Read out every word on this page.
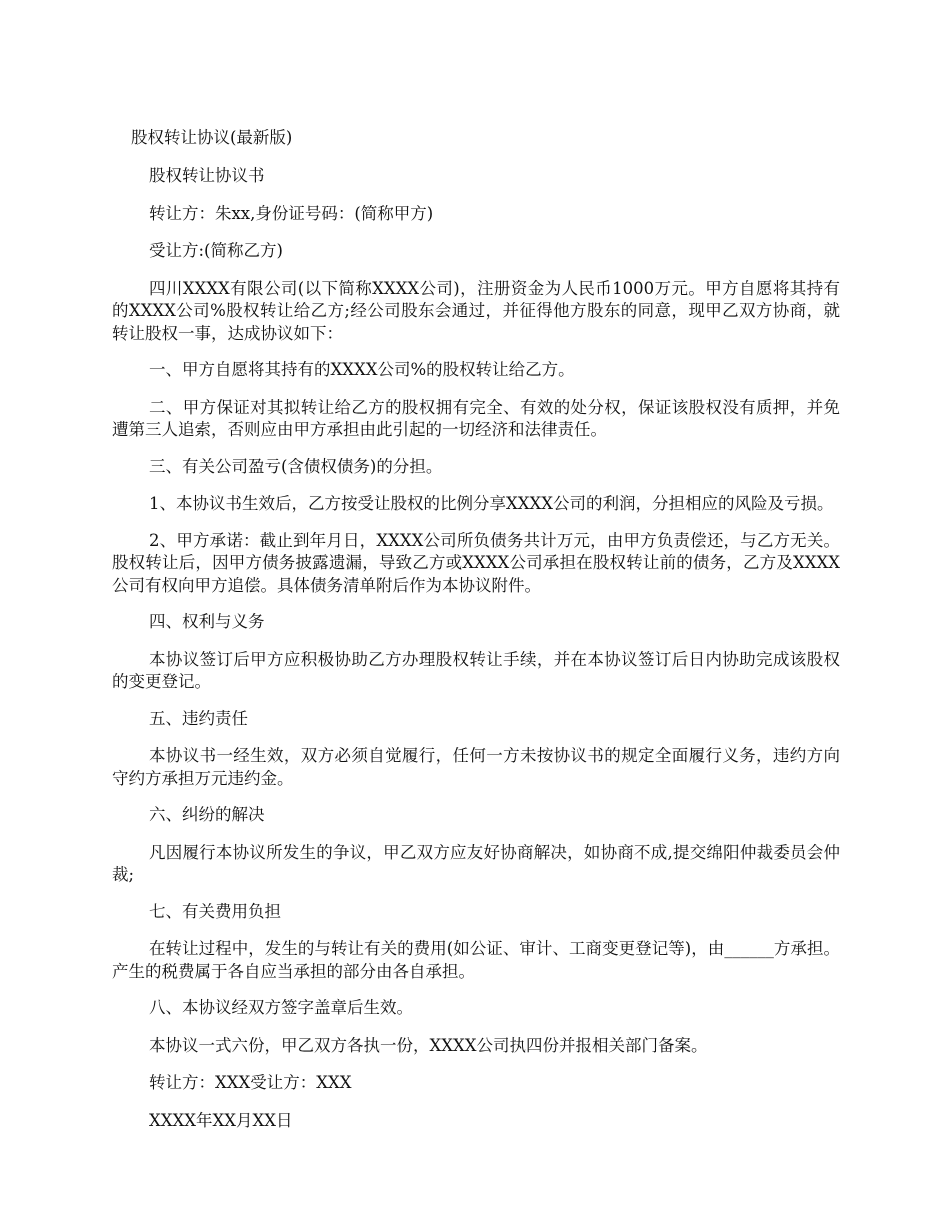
股权转让协议(最新版)

股权转让协议书

转让方：朱xx,身份证号码：(简称甲方)

受让方:(简称乙方)

四川XXXX有限公司(以下简称XXXX公司)，注册资金为人民币1000万元。甲方自愿将其持有的XXXX公司%股权转让给乙方;经公司股东会通过，并征得他方股东的同意，现甲乙双方协商，就转让股权一事，达成协议如下：

一、甲方自愿将其持有的XXXX公司%的股权转让给乙方。

二、甲方保证对其拟转让给乙方的股权拥有完全、有效的处分权，保证该股权没有质押，并免遭第三人追索，否则应由甲方承担由此引起的一切经济和法律责任。

三、有关公司盈亏(含债权债务)的分担。

1、本协议书生效后，乙方按受让股权的比例分享XXXX公司的利润，分担相应的风险及亏损。

2、甲方承诺：截止到年月日，XXXX公司所负债务共计万元，由甲方负责偿还，与乙方无关。股权转让后，因甲方债务披露遗漏，导致乙方或XXXX公司承担在股权转让前的债务，乙方及XXXX公司有权向甲方追偿。具体债务清单附后作为本协议附件。

四、权利与义务

本协议签订后甲方应积极协助乙方办理股权转让手续，并在本协议签订后日内协助完成该股权的变更登记。

五、违约责任

本协议书一经生效，双方必须自觉履行，任何一方未按协议书的规定全面履行义务，违约方向守约方承担万元违约金。

六、纠纷的解决

凡因履行本协议所发生的争议，甲乙双方应友好协商解决，如协商不成,提交绵阳仲裁委员会仲裁;

七、有关费用负担

在转让过程中，发生的与转让有关的费用(如公证、审计、工商变更登记等)，由______方承担。产生的税费属于各自应当承担的部分由各自承担。

八、本协议经双方签字盖章后生效。

本协议一式六份，甲乙双方各执一份，XXXX公司执四份并报相关部门备案。

转让方：XXX受让方：XXX

XXXX年XX月XX日
